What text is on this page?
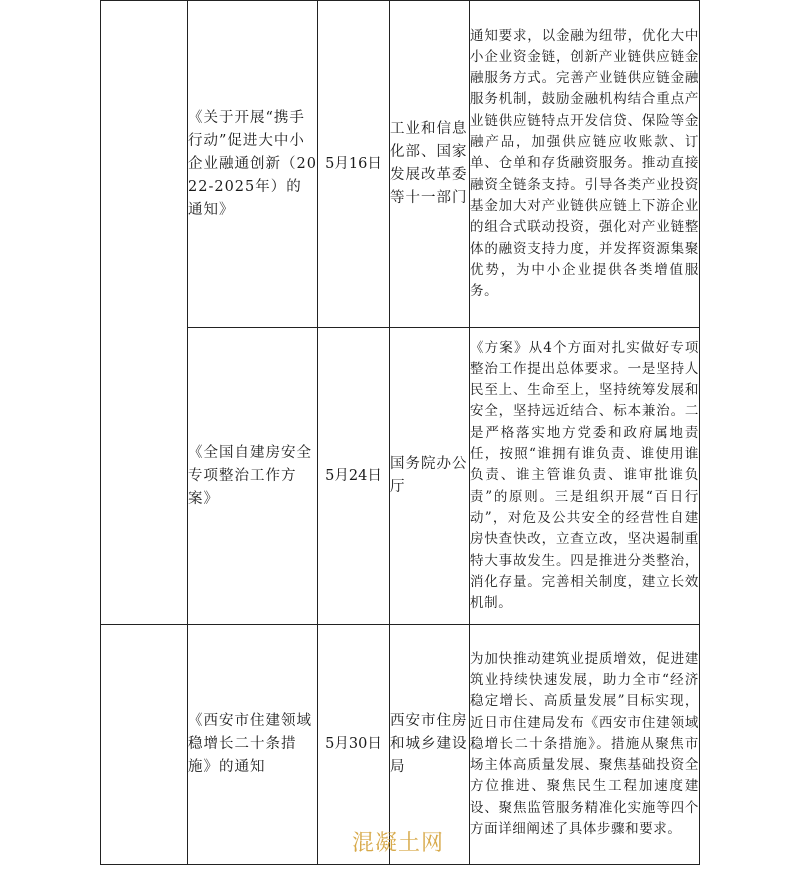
	《关于开展“携手行动”促进大中小企业融通创新（2022-2025年）的通知》	5月16日	工业和信息化部、国家发展改革委等十一部门	通知要求，以金融为纽带，优化大中小企业资金链，创新产业链供应链金融服务方式。完善产业链供应链金融服务机制，鼓励金融机构结合重点产业链供应链特点开发信贷、保险等金融产品，加强供应链应收账款、订单、仓单和存货融资服务。推动直接融资全链条支持。引导各类产业投资基金加大对产业链供应链上下游企业的组合式联动投资，强化对产业链整体的融资支持力度，并发挥资源集聚优势，为中小企业提供各类增值服务。
	《全国自建房安全专项整治工作方案》	5月24日	国务院办公厅	《方案》从4个方面对扎实做好专项整治工作提出总体要求。一是坚持人民至上、生命至上，坚持统筹发展和安全，坚持远近结合、标本兼治。二是严格落实地方党委和政府属地责任，按照“谁拥有谁负责、谁使用谁负责、谁主管谁负责、谁审批谁负责”的原则。三是组织开展“百日行动”，对危及公共安全的经营性自建房快查快改，立查立改，坚决遏制重特大事故发生。四是推进分类整治，消化存量。完善相关制度，建立长效机制。
	《西安市住建领域稳增长二十条措施》的通知	5月30日	西安市住房和城乡建设局	为加快推动建筑业提质增效，促进建筑业持续快速发展，助力全市“经济稳定增长、高质量发展”目标实现，近日市住建局发布《西安市住建领域稳增长二十条措施》。措施从聚焦市场主体高质量发展、聚焦基础投资全方位推进、聚焦民生工程加速度建设、聚焦监管服务精准化实施等四个方面详细阐述了具体步骤和要求。
混凝土网
